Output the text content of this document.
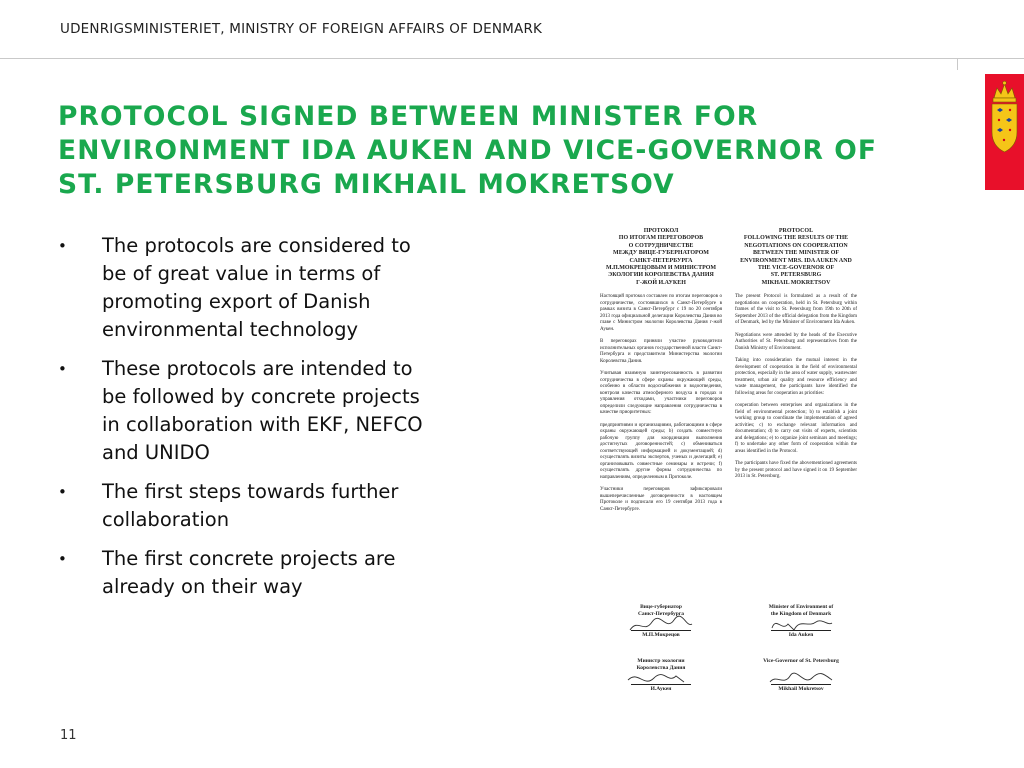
UDENRIGSMINISTERIET, MINISTRY OF FOREIGN AFFAIRS OF DENMARK
PROTOCOL SIGNED BETWEEN MINISTER FOR
ENVIRONMENT IDA AUKEN AND VICE-GOVERNOR OF
ST. PETERSBURG MIKHAIL MOKRETSOV
• The protocols are considered to
be of great value in terms of
promoting export of Danish
environmental technology
• These protocols are intended to
be followed by concrete projects
in collaboration with EKF, NEFCO
and UNIDO
• The first steps towards further
collaboration
• The first concrete projects are
already on their way
ПРОТОКОЛ
ПО ИТОГАМ ПЕРЕГОВОРОВ
О СОТРУДНИЧЕСТВЕ
МЕЖДУ ВИЦЕ-ГУБЕРНАТОРОМ
САНКТ-ПЕТЕРБУРГА
М.П.МОКРЕЦОВЫМ И МИНИСТРОМ
ЭКОЛОГИИ КОРОЛЕВСТВА ДАНИЯ
Г-ЖОЙ И.АУКЕН

Настоящий протокол составлен по итогам переговоров о сотрудничестве, состоявшихся в Санкт-Петербурге в рамках визита в Санкт-Петербург с 19 по 20 сентября 2013 года официальной делегации Королевства Дания во главе с Министром экологии Королевства Дания г-жой Аукен.

В переговорах приняли участие руководители исполнительных органов государственной власти Санкт-Петербурга и представители Министерства экологии Королевства Дания.

Учитывая взаимную заинтересованность в развитии сотрудничества в сфере охраны окружающей среды, особенно в области водоснабжения и водоотведения, контроля качества атмосферного воздуха в городах и управления отходами, участники переговоров определили следующие направления сотрудничества в качестве приоритетных:

предприятиями и организациями, работающими в сфере охраны окружающей среды; b) создать совместную рабочую группу для координации выполнения достигнутых договоренностей; c) обмениваться соответствующей информацией и документацией; d) осуществлять визиты экспертов, ученых и делегаций; e) организовывать совместные семинары и встречи; f) осуществлять другие формы сотрудничества по направлениям, определенным в Протоколе.

Участники переговоров зафиксировали вышеперечисленные договоренности в настоящем Протоколе и подписали его 19 сентября 2013 года в Санкт-Петербурге.

PROTOCOL
FOLLOWING THE RESULTS OF THE
NEGOTIATIONS ON COOPERATION
BETWEEN THE MINISTER OF
ENVIRONMENT MRS. IDA AUKEN AND
THE VICE-GOVERNOR OF
ST. PETERSBURG
MIKHAIL MOKRETSOV

The present Protocol is formulated as a result of the negotiations on cooperation, held in St. Petersburg within frames of the visit to St. Petersburg from 19th to 20th of September 2013 of the official delegation from the Kingdom of Denmark, led by the Minister of Environment Ida Auken.

Negotiations were attended by the heads of the Executive Authorities of St. Petersburg and representatives from the Danish Ministry of Environment.

Taking into consideration the mutual interest in the development of cooperation in the field of environmental protection, especially in the area of water supply, wastewater treatment, urban air quality and resource efficiency and waste management, the participants have identified the following areas for cooperation as priorities:

cooperation between enterprises and organizations in the field of environmental protection; b) to establish a joint working group to coordinate the implementation of agreed activities; c) to exchange relevant information and documentation; d) to carry out visits of experts, scientists and delegations; e) to organize joint seminars and meetings; f) to undertake any other form of cooperation within the areas identified in the Protocol.

The participants have fixed the abovementioned agreements by the present protocol and have signed it on 19 September 2013 in St. Petersburg.

Вице-губернатор
Санкт-Петербурга
М.П.Мокрецов
Minister of Environment of
the Kingdom of Denmark
Ida Auken
Министр экологии
Королевства Дания
И.Аукен
Vice-Governor of St. Petersburg
Mikhail Mokretsov
11
